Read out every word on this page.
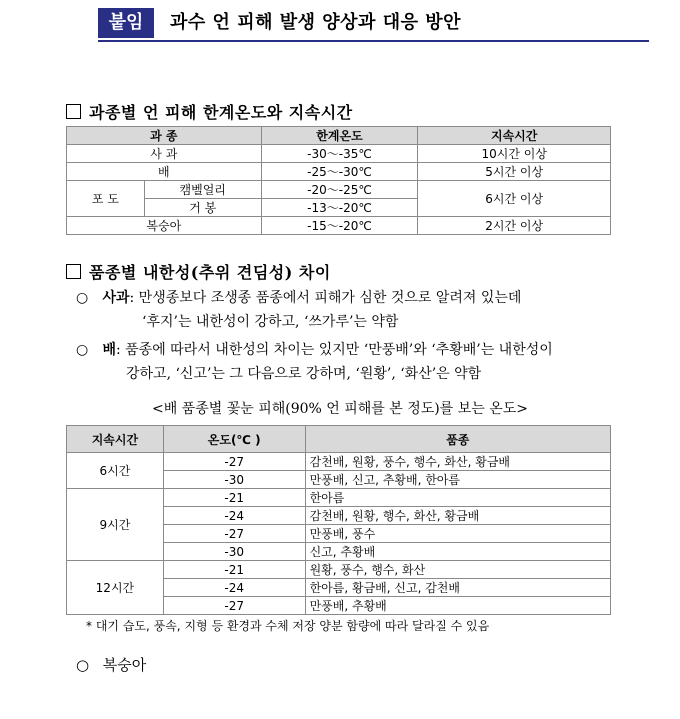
붙임	과수 언 피해 발생 양상과 대응 방안
과종별 언 피해 한계온도와 지속시간
과 종		한계온도	지속시간
사 과		-30～-35℃	10시간 이상
배		-25～-30℃	5시간 이상
포 도	캠벨얼리	-20～-25℃	6시간 이상
	거 봉	-13～-20℃	
복숭아		-15～-20℃	2시간 이상
품종별 내한성(추위 견딤성) 차이
○ 사과: 만생종보다 조생종 품종에서 피해가 심한 것으로 알려져 있는데
‘후지’는 내한성이 강하고, ‘쓰가루’는 약함
○ 배: 품종에 따라서 내한성의 차이는 있지만 ‘만풍배’와 ‘추황배’는 내한성이
강하고, ‘신고’는 그 다음으로 강하며, ‘원황’, ‘화산’은 약함
<배 품종별 꽃눈 피해(90% 언 피해를 본 정도)를 보는 온도>
지속시간	온도(℃ )	품종
6시간	-27	감천배, 원황, 풍수, 행수, 화산, 황금배
	-30	만풍배, 신고, 추황배, 한아름
9시간	-21	한아름
	-24	감천배, 원황, 행수, 화산, 황금배
	-27	만풍배, 풍수
	-30	신고, 추황배
12시간	-21	원황, 풍수, 행수, 화산
	-24	한아름, 황금배, 신고, 감천배
	-27	만풍배, 추황배
* 대기 습도, 풍속, 지형 등 환경과 수체 저장 양분 함량에 따라 달라질 수 있음
○ 복숭아
